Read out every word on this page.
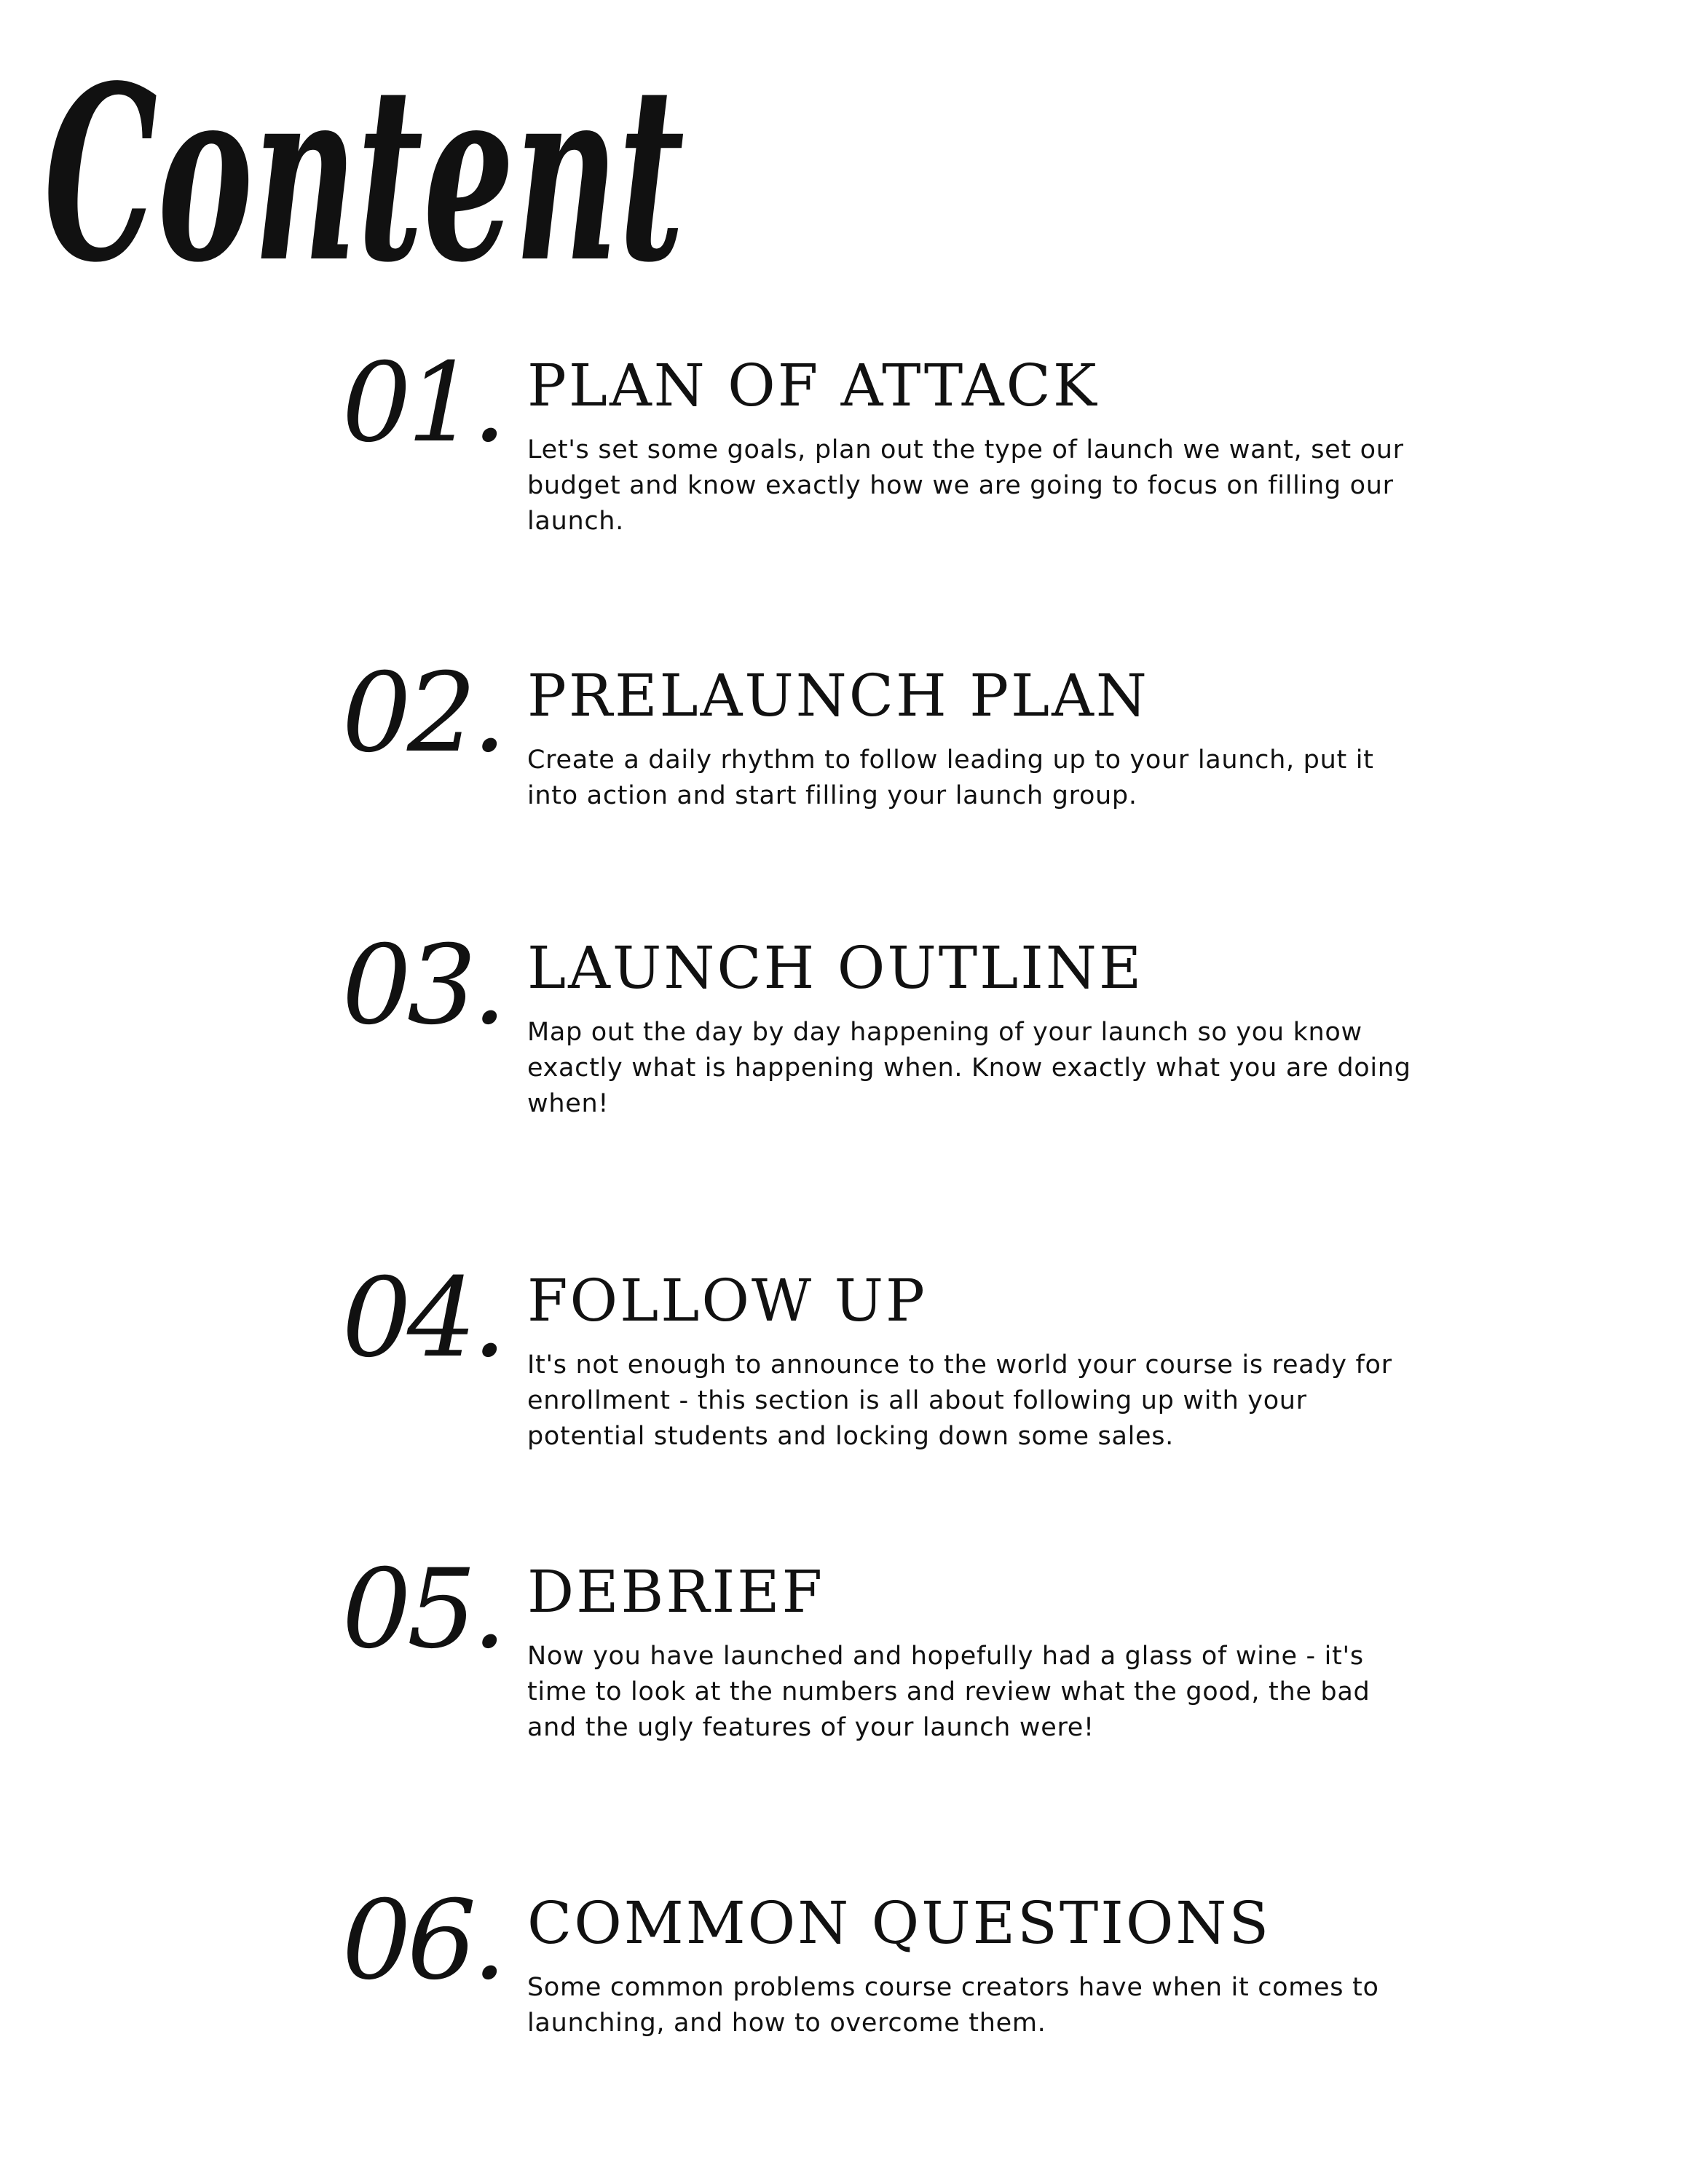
Content
01. PLAN OF ATTACK

Let's set some goals, plan out the type of launch we want, set our budget and know exactly how we are going to focus on filling our launch.

02. PRELAUNCH PLAN

Create a daily rhythm to follow leading up to your launch, put it into action and start filling your launch group.

03. LAUNCH OUTLINE

Map out the day by day happening of your launch so you know exactly what is happening when. Know exactly what you are doing when!

04. FOLLOW UP

It's not enough to announce to the world your course is ready for enrollment - this section is all about following up with your potential students and locking down some sales.

05. DEBRIEF

Now you have launched and hopefully had a glass of wine - it's time to look at the numbers and review what the good, the bad and the ugly features of your launch were!

06. COMMON QUESTIONS

Some common problems course creators have when it comes to launching, and how to overcome them.
